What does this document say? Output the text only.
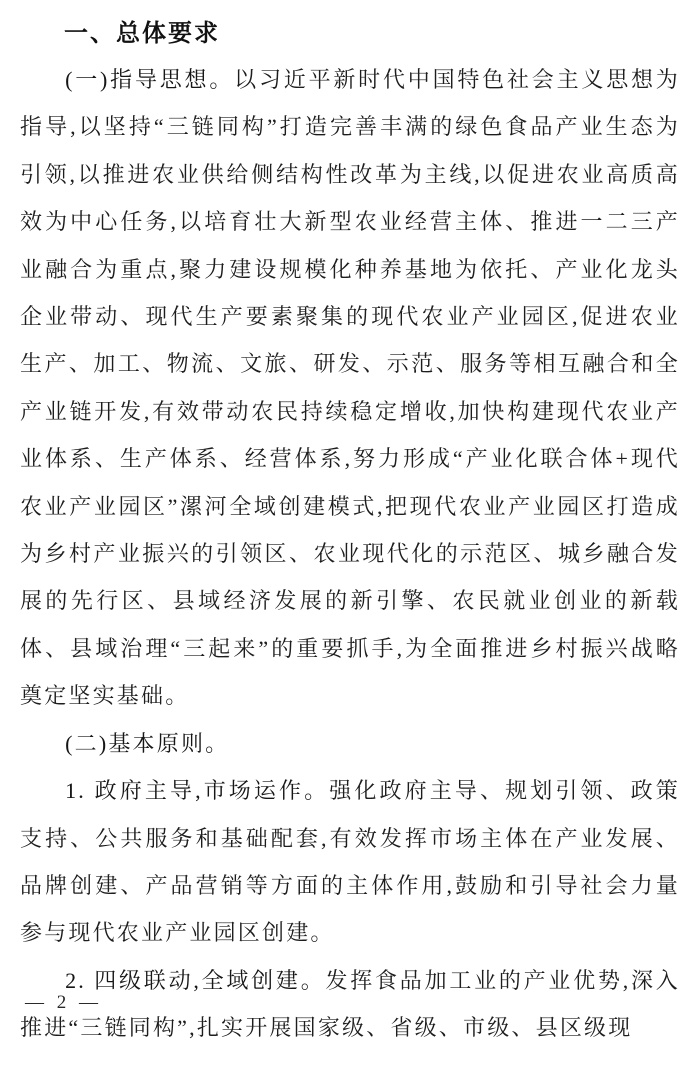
一、总体要求

(一)指导思想。以习近平新时代中国特色社会主义思想为指导,以坚持“三链同构”打造完善丰满的绿色食品产业生态为引领,以推进农业供给侧结构性改革为主线,以促进农业高质高效为中心任务,以培育壮大新型农业经营主体、推进一二三产业融合为重点,聚力建设规模化种养基地为依托、产业化龙头企业带动、现代生产要素聚集的现代农业产业园区,促进农业生产、加工、物流、文旅、研发、示范、服务等相互融合和全产业链开发,有效带动农民持续稳定增收,加快构建现代农业产业体系、生产体系、经营体系,努力形成“产业化联合体+现代农业产业园区”漯河全域创建模式,把现代农业产业园区打造成为乡村产业振兴的引领区、农业现代化的示范区、城乡融合发展的先行区、县域经济发展的新引擎、农民就业创业的新载体、县域治理“三起来”的重要抓手,为全面推进乡村振兴战略奠定坚实基础。

(二)基本原则。

1. 政府主导,市场运作。强化政府主导、规划引领、政策支持、公共服务和基础配套,有效发挥市场主体在产业发展、品牌创建、产品营销等方面的主体作用,鼓励和引导社会力量参与现代农业产业园区创建。

2. 四级联动,全域创建。发挥食品加工业的产业优势,深入推进“三链同构”,扎实开展国家级、省级、市级、县区级现

— 2 —
